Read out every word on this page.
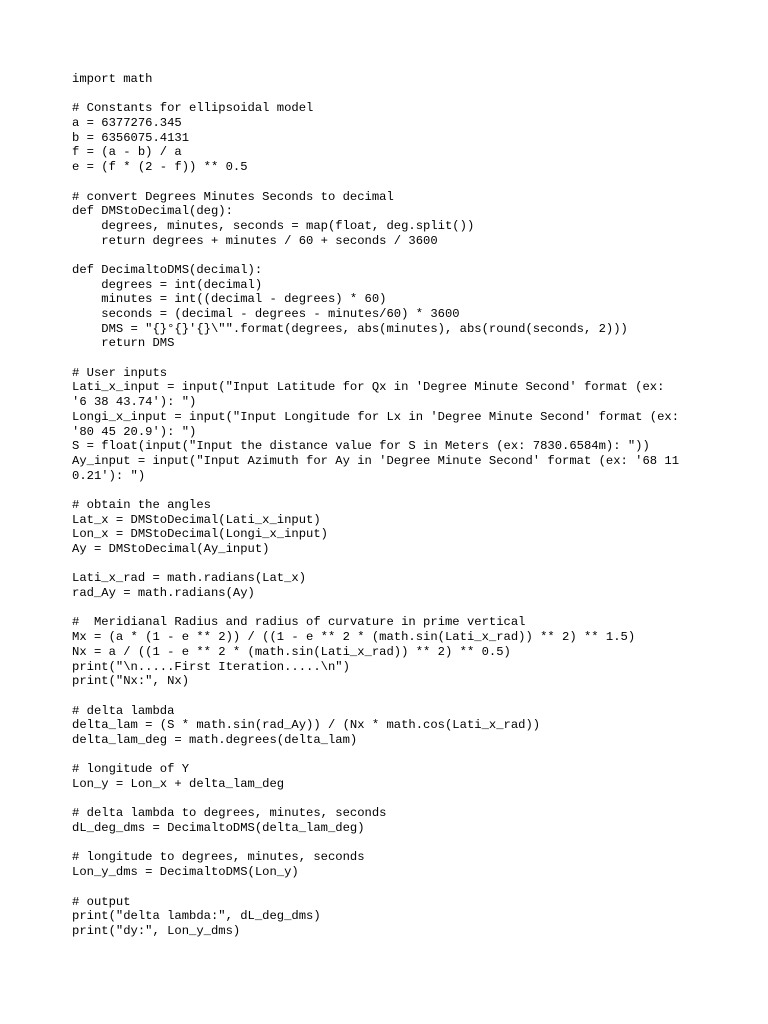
import math
# Constants for ellipsoidal model
a = 6377276.345
b = 6356075.4131
f = (a - b) / a
e = (f * (2 - f)) ** 0.5
# convert Degrees Minutes Seconds to decimal
def DMStoDecimal(deg):
degrees, minutes, seconds = map(float, deg.split())
return degrees + minutes / 60 + seconds / 3600
def DecimaltoDMS(decimal):
degrees = int(decimal)
minutes = int((decimal - degrees) * 60)
seconds = (decimal - degrees - minutes/60) * 3600
DMS = "{}°{}'{}\"".format(degrees, abs(minutes), abs(round(seconds, 2)))
return DMS
# User inputs
Lati_x_input = input("Input Latitude for Qx in 'Degree Minute Second' format (ex:
'6 38 43.74'): ")
Longi_x_input = input("Input Longitude for Lx in 'Degree Minute Second' format (ex:
'80 45 20.9'): ")
S = float(input("Input the distance value for S in Meters (ex: 7830.6584m): "))
Ay_input = input("Input Azimuth for Ay in 'Degree Minute Second' format (ex: '68 11
0.21'): ")
# obtain the angles
Lat_x = DMStoDecimal(Lati_x_input)
Lon_x = DMStoDecimal(Longi_x_input)
Ay = DMStoDecimal(Ay_input)
Lati_x_rad = math.radians(Lat_x)
rad_Ay = math.radians(Ay)
#  Meridianal Radius and radius of curvature in prime vertical
Mx = (a * (1 - e ** 2)) / ((1 - e ** 2 * (math.sin(Lati_x_rad)) ** 2) ** 1.5)
Nx = a / ((1 - e ** 2 * (math.sin(Lati_x_rad)) ** 2) ** 0.5)
print("\n.....First Iteration.....\n")
print("Nx:", Nx)
# delta lambda
delta_lam = (S * math.sin(rad_Ay)) / (Nx * math.cos(Lati_x_rad))
delta_lam_deg = math.degrees(delta_lam)
# longitude of Y
Lon_y = Lon_x + delta_lam_deg
# delta lambda to degrees, minutes, seconds
dL_deg_dms = DecimaltoDMS(delta_lam_deg)
# longitude to degrees, minutes, seconds
Lon_y_dms = DecimaltoDMS(Lon_y)
# output
print("delta lambda:", dL_deg_dms)
print("dy:", Lon_y_dms)
